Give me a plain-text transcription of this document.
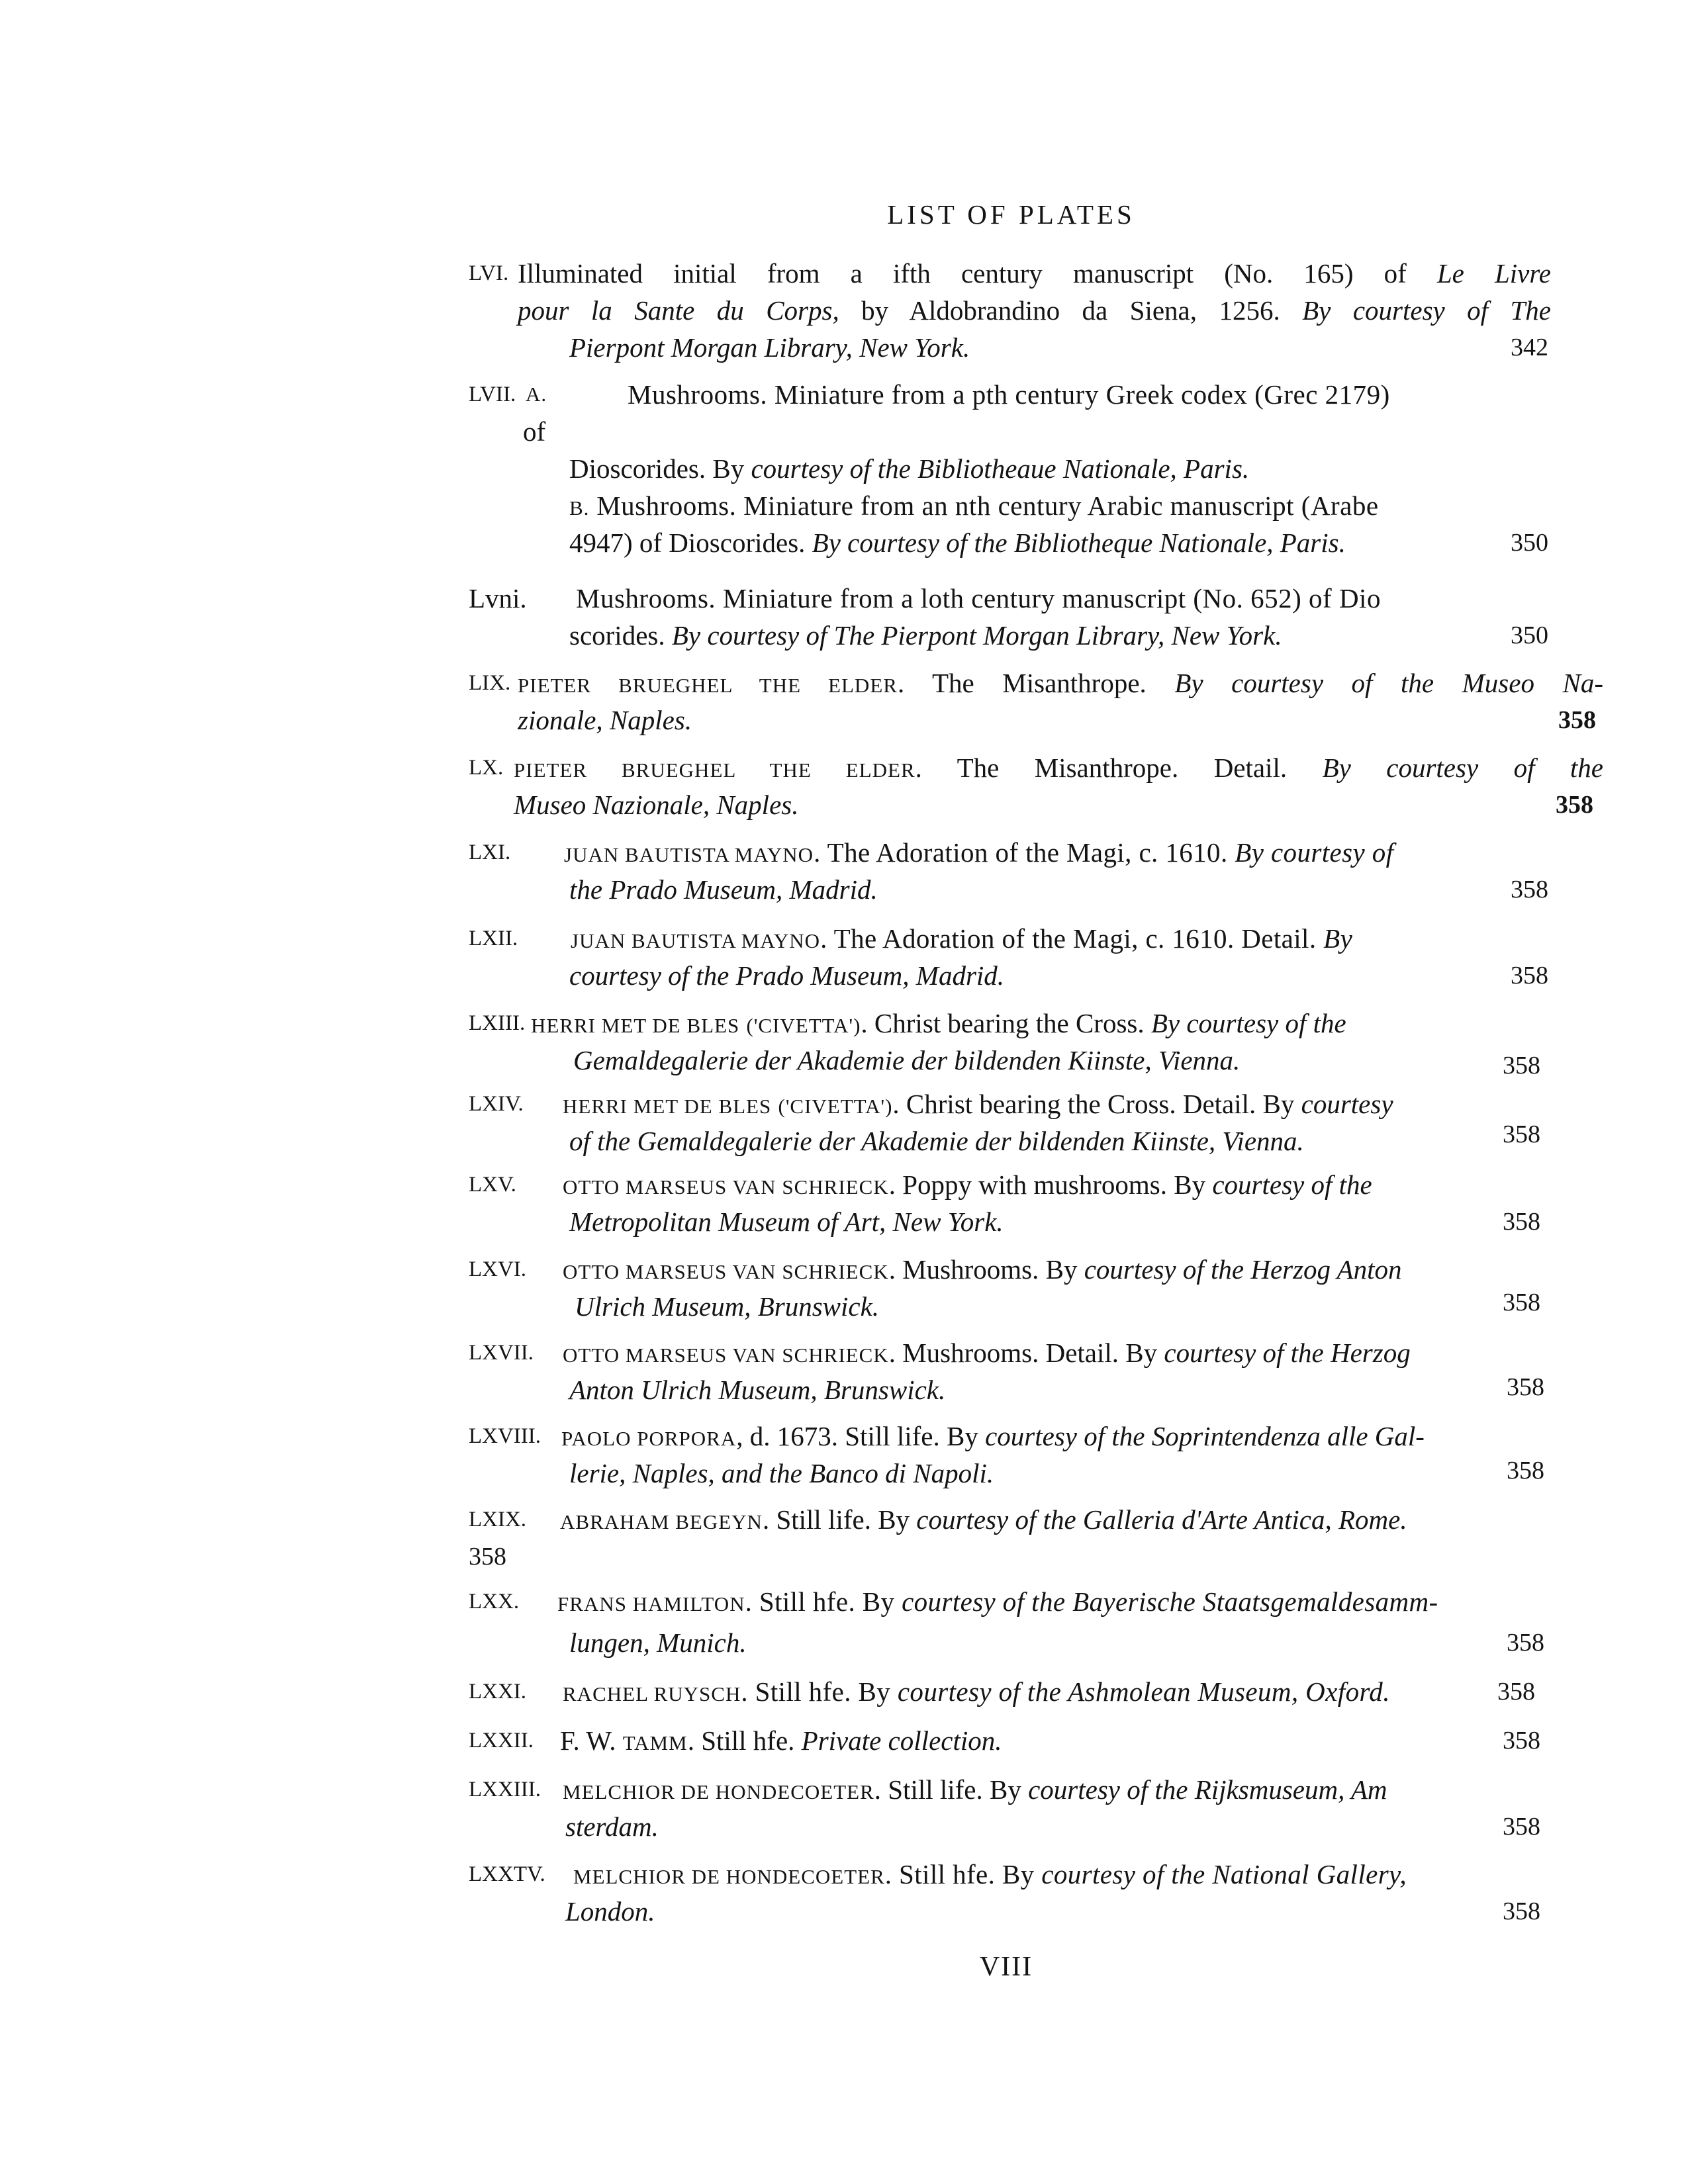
LIST OF PLATES
LVI. Illuminated initial from a ifth century manuscript (No. 165) of Le Livre
pour la Sante du Corps, by Aldobrandino da Siena, 1256. By courtesy of The
Pierpont Morgan Library, New York.	342
LVII. A.	Mushrooms. Miniature from a pth century Greek codex (Grec 2179)
of
Dioscorides. By courtesy of the Bibliotheaue Nationale, Paris.
B. Mushrooms. Miniature from an nth century Arabic manuscript (Arabe
4947) of Dioscorides. By courtesy of the Bibliotheque Nationale, Paris.	350
Lvni. Mushrooms. Miniature from a loth century manuscript (No. 652) of Dio
scorides. By courtesy of The Pierpont Morgan Library, New York.	350
LIX. PIETER BRUEGHEL THE ELDER. The Misanthrope. By courtesy of the Museo Na-
zionale, Naples.	358
LX. PIETER BRUEGHEL THE ELDER. The Misanthrope. Detail. By courtesy of the
Museo Nazionale, Naples.	358
LXI.	JUAN BAUTISTA MAYNO. The Adoration of the Magi, c. 1610. By courtesy of
the Prado Museum, Madrid.	358
LXII.	JUAN BAUTISTA MAYNO. The Adoration of the Magi, c. 1610. Detail. By
courtesy of the Prado Museum, Madrid.	358
LXIII. HERRI MET DE BLES ('CIVETTA'). Christ bearing the Cross. By courtesy of the
Gemaldegalerie der Akademie der bildenden Kiinste, Vienna.	358
LXIV. HERRI MET DE BLES ('CIVETTA'). Christ bearing the Cross. Detail. By courtesy
of the Gemaldegalerie der Akademie der bildenden Kiinste, Vienna.	358
LXV. OTTO MARSEUS VAN SCHRIECK. Poppy with mushrooms. By courtesy of the
Metropolitan Museum of Art, New York.	358
LXVI. OTTO MARSEUS VAN SCHRIECK. Mushrooms. By courtesy of the Herzog Anton
Ulrich Museum, Brunswick.	358
LXVII. OTTO MARSEUS VAN SCHRIECK. Mushrooms. Detail. By courtesy of the Herzog
Anton Ulrich Museum, Brunswick.	358
LXVIII. PAOLO PORPORA, d. 1673. Still life. By courtesy of the Soprintendenza alle Gal-
lerie, Naples, and the Banco di Napoli.	358
LXIX. ABRAHAM BEGEYN. Still life. By courtesy of the Galleria d'Arte Antica, Rome.
358
LXX. FRANS HAMILTON. Still hfe. By courtesy of the Bayerische Staatsgemaldesamm-
lungen, Munich.	358
LXXI. RACHEL RUYSCH. Still hfe. By courtesy of the Ashmolean Museum, Oxford.	358
LXXII. F. W. TAMM. Still hfe. Private collection.	358
LXXIII. MELCHIOR DE HONDECOETER. Still life. By courtesy of the Rijksmuseum, Am
sterdam.	358
LXXTV. MELCHIOR DE HONDECOETER. Still hfe. By courtesy of the National Gallery,
London.	358
VIII
